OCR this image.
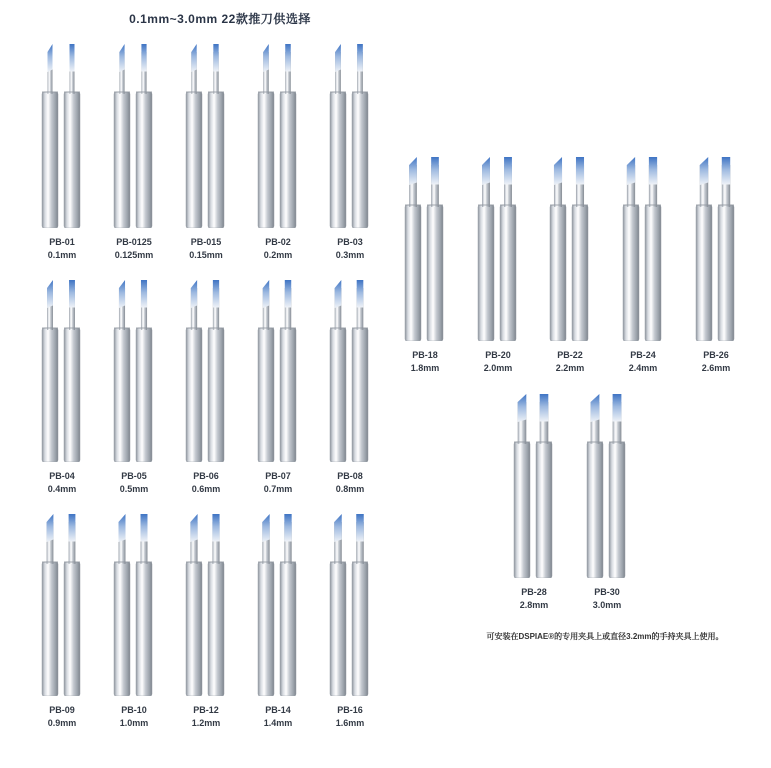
0.1mm~3.0mm 22款推刀供选择
PB-01
0.1mm
PB-0125
0.125mm
PB-015
0.15mm
PB-02
0.2mm
PB-03
0.3mm
PB-04
0.4mm
PB-05
0.5mm
PB-06
0.6mm
PB-07
0.7mm
PB-08
0.8mm
PB-09
0.9mm
PB-10
1.0mm
PB-12
1.2mm
PB-14
1.4mm
PB-16
1.6mm
PB-18
1.8mm
PB-20
2.0mm
PB-22
2.2mm
PB-24
2.4mm
PB-26
2.6mm
PB-28
2.8mm
PB-30
3.0mm
可安装在DSPIAE®的专用夹具上或直径3.2mm的手持夹具上使用。
